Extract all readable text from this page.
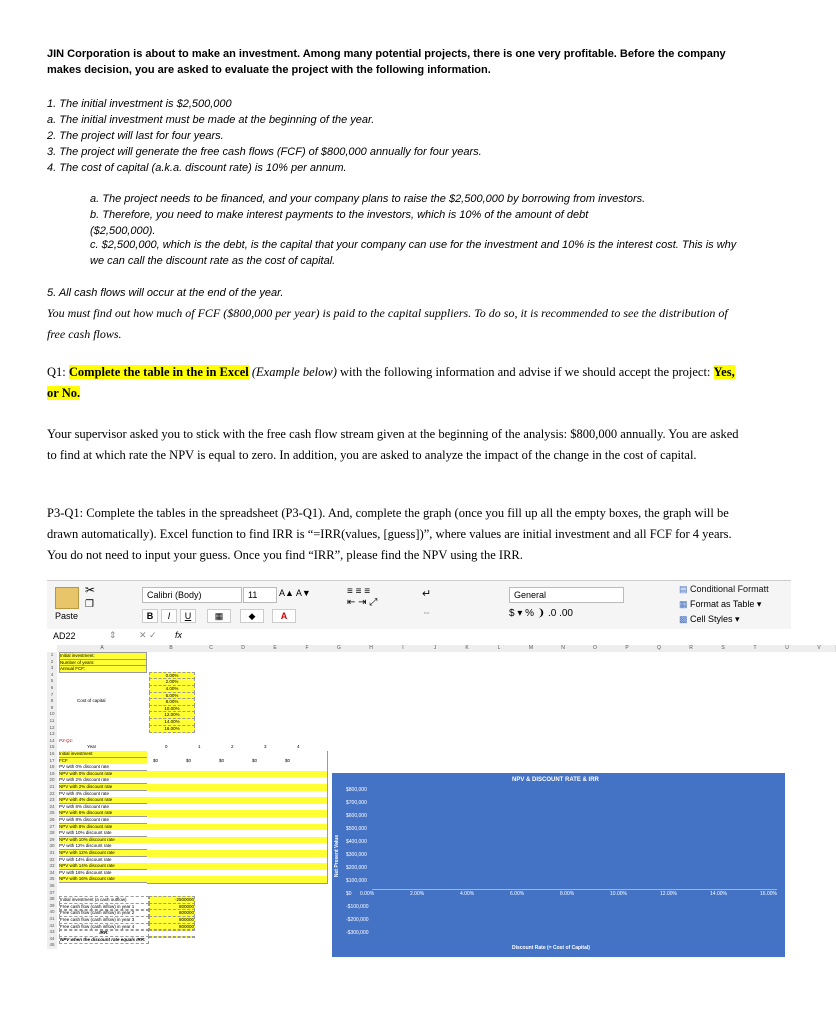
JIN Corporation is about to make an investment. Among many potential projects, there is one very profitable. Before the company makes decision, you are asked to evaluate the project with the following information.
1. The initial investment is $2,500,000
a. The initial investment must be made at the beginning of the year.
2. The project will last for four years.
3. The project will generate the free cash flows (FCF) of $800,000 annually for four years.
4. The cost of capital (a.k.a. discount rate) is 10% per annum.
a. The project needs to be financed, and your company plans to raise the $2,500,000 by borrowing from investors.
b. Therefore, you need to make interest payments to the investors, which is 10% of the amount of debt ($2,500,000).
c. $2,500,000, which is the debt, is the capital that your company can use for the investment and 10% is the interest cost. This is why we can call the discount rate as the cost of capital.
5. All cash flows will occur at the end of the year.
You must find out how much of FCF ($800,000 per year) is paid to the capital suppliers. To do so, it is recommended to see the distribution of free cash flows.
Q1: Complete the table in the in Excel (Example below) with the following information and advise if we should accept the project: Yes, or No.
Your supervisor asked you to stick with the free cash flow stream given at the beginning of the analysis: $800,000 annually. You are asked to find at which rate the NPV is equal to zero. In addition, you are asked to analyze the impact of the change in the cost of capital.
P3-Q1: Complete the tables in the spreadsheet (P3-Q1). And, complete the graph (once you fill up all the empty boxes, the graph will be drawn automatically). Excel function to find IRR is “=IRR(values, [guess])”, where values are initial investment and all FCF for 4 years. You do not need to input your guess. Once you find “IRR”, please find the NPV using the IRR.
✂
❐
Paste
Calibri (Body)	11	A▲ A▼
B	I	U	▦	◆	A
≡ ≡ ≡
⇤ ⇥ ⤢
↵
⇔
General
$ ▾ % ❩ .0 .00
▤ Conditional Formatt
▦ Format as Table ▾
▩ Cell Styles ▾
AD22	⇕ ✕ ✓ fx
A	B	C	D	E	F	G	H	I	J	K	L	M	N	O	P	Q	R	S	T	U	V
1
2
3
4
5
6
7
8
9
10
11
12
13
14
15
16
17
18
19
20
21
22
23
24
25
26
27
28
29
30
31
32
33
34
35
36
37
38
39
40
41
42
43
44
45
Initial investment:
Number of years:
Annual FCF:
Cost of capital
0.00%
2.00%
4.00%
6.00%
8.00%
10.00%
12.00%
14.00%
16.00%
P3-Q1:
Year	0	1	2	3	4
Initial investment
FCF
PV with 0% discount rate
NPV with 0% discount rate
PV with 2% discount rate
NPV with 2% discount rate
PV with 4% discount rate
NPV with 4% discount rate
PV with 6% discount rate
NPV with 6% discount rate
PV with 8% discount rate
NPV with 8% discount rate
PV with 10% discount rate
NPV with 10% discount rate
PV with 12% discount rate
NPV with 12% discount rate
PV with 14% discount rate
NPV with 14% discount rate
PV with 16% discount rate
NPV with 16% discount rate
$0	$0	$0	$0	$0
Initial investment (a cash outflow)	-2500000
Free cash flow (cash inflow) in year 1	800000
Free cash flow (cash inflow) in year 2	800000
Free cash flow (cash inflow) in year 3	800000
Free cash flow (cash inflow) in year 4	800000
IRR:
NPV when the discount rate equals IRR:
NPV & DISCOUNT RATE & IRR
$800,000
$700,000
$600,000
$500,000
$400,000
$300,000
$200,000
$100,000
$0
-$100,000
-$200,000
-$300,000
0.00%	2.00%	4.00%	6.00%	8.00%	10.00%	12.00%	14.00%	16.00%
Discount Rate (= Cost of Capital)
Net Present Value
